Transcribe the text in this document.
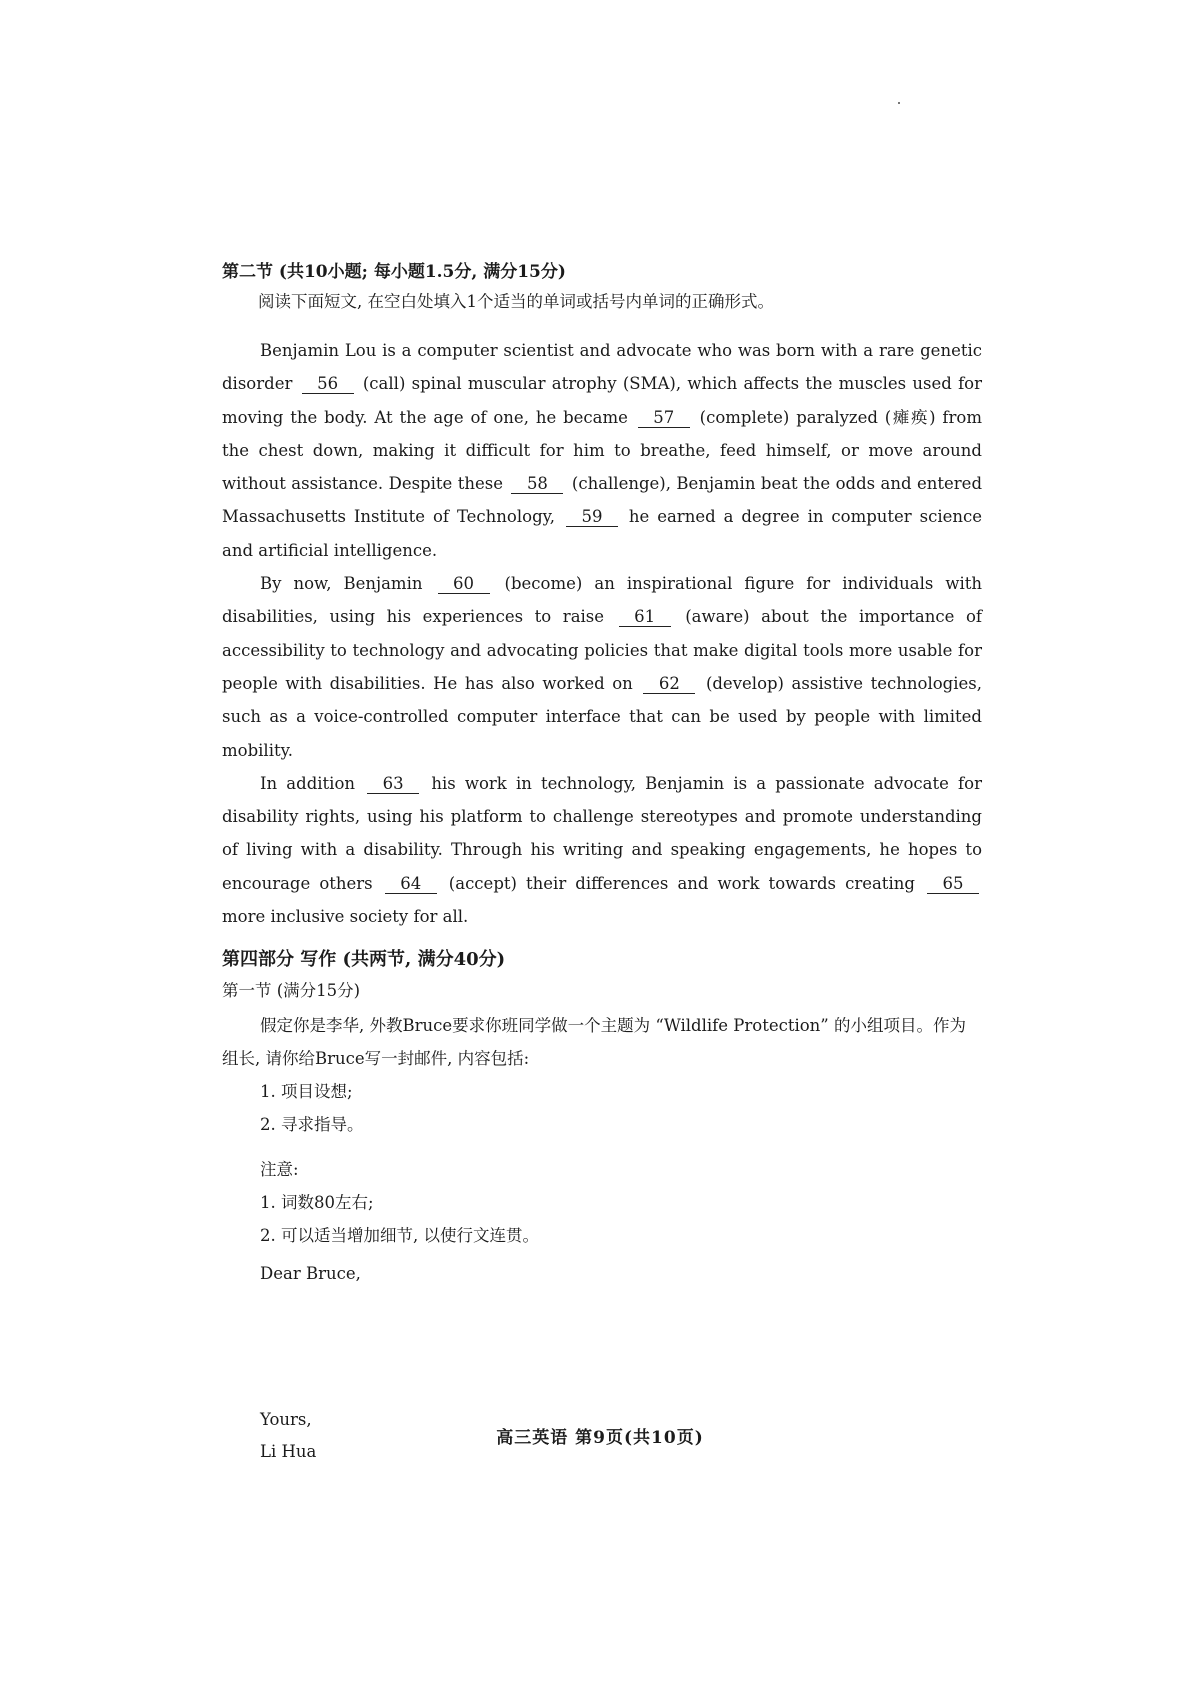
第二节 (共10小题; 每小题1.5分, 满分15分)

阅读下面短文, 在空白处填入1个适当的单词或括号内单词的正确形式。

Benjamin Lou is a computer scientist and advocate who was born with a rare genetic disorder 56 (call) spinal muscular atrophy (SMA), which affects the muscles used for moving the body. At the age of one, he became 57 (complete) paralyzed (瘫痪) from the chest down, making it difficult for him to breathe, feed himself, or move around without assistance. Despite these 58 (challenge), Benjamin beat the odds and entered Massachusetts Institute of Technology, 59 he earned a degree in computer science and artificial intelligence.

By now, Benjamin 60 (become) an inspirational figure for individuals with disabilities, using his experiences to raise 61 (aware) about the importance of accessibility to technology and advocating policies that make digital tools more usable for people with disabilities. He has also worked on 62 (develop) assistive technologies, such as a voice-controlled computer interface that can be used by people with limited mobility.

In addition 63 his work in technology, Benjamin is a passionate advocate for disability rights, using his platform to challenge stereotypes and promote understanding of living with a disability. Through his writing and speaking engagements, he hopes to encourage others 64 (accept) their differences and work towards creating 65 more inclusive society for all.

第四部分 写作 (共两节, 满分40分)

第一节 (满分15分)

假定你是李华, 外教Bruce要求你班同学做一个主题为 “Wildlife Protection” 的小组项目。作为组长, 请你给Bruce写一封邮件, 内容包括:

1. 项目设想;
2. 寻求指导。
注意:
1. 词数80左右;
2. 可以适当增加细节, 以使行文连贯。
Dear Bruce,
Yours,
Li Hua
高三英语 第9页(共10页)
